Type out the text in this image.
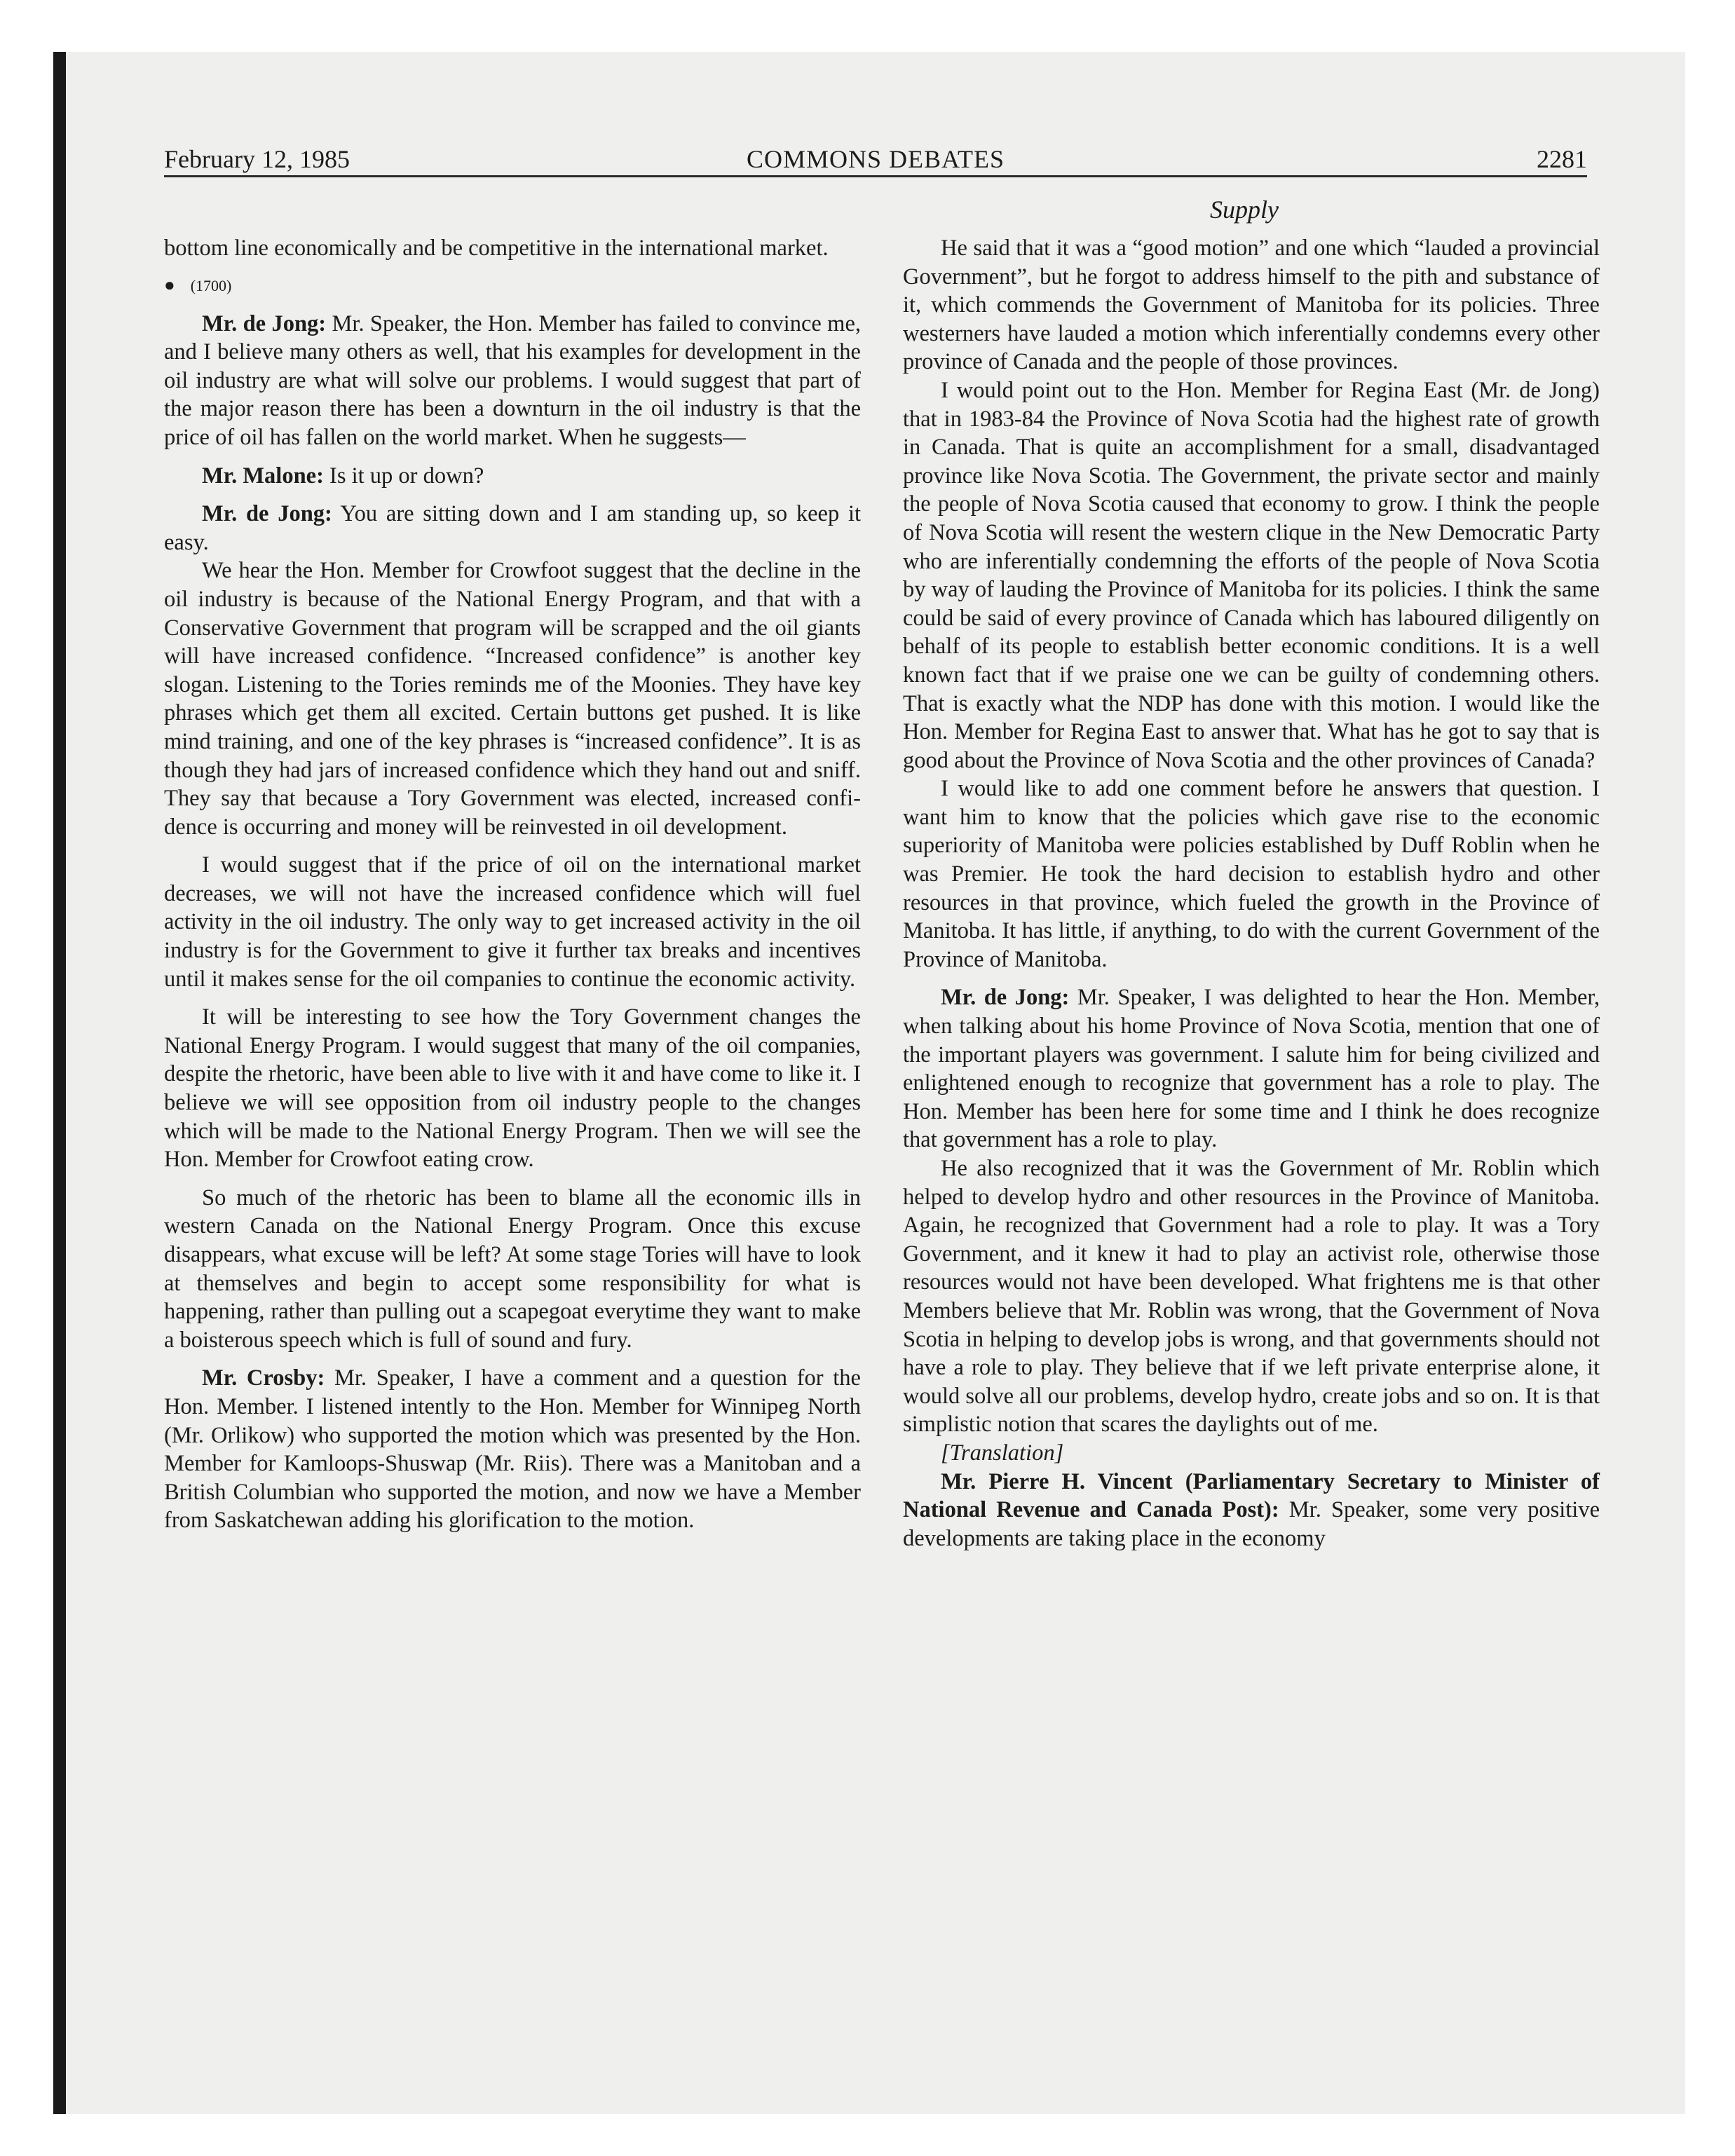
February 12, 1985	COMMONS DEBATES	2281
Supply

bottom line economically and be competitive in the international market.

● (1700)

Mr. de Jong: Mr. Speaker, the Hon. Member has failed to convince me, and I believe many others as well, that his examples for development in the oil industry are what will solve our problems. I would suggest that part of the major reason there has been a downturn in the oil industry is that the price of oil has fallen on the world market. When he suggests—

Mr. Malone: Is it up or down?

Mr. de Jong: You are sitting down and I am standing up, so keep it easy.

We hear the Hon. Member for Crowfoot suggest that the decline in the oil industry is because of the National Energy Program, and that with a Conservative Government that program will be scrapped and the oil giants will have increased confidence. “Increased confidence” is another key slogan. Listening to the Tories reminds me of the Moonies. They have key phrases which get them all excited. Certain buttons get pushed. It is like mind training, and one of the key phrases is “increased confidence”. It is as though they had jars of increased confidence which they hand out and sniff. They say that because a Tory Government was elected, increased confidence is occurring and money will be reinvested in oil development.

I would suggest that if the price of oil on the international market decreases, we will not have the increased confidence which will fuel activity in the oil industry. The only way to get increased activity in the oil industry is for the Government to give it further tax breaks and incentives until it makes sense for the oil companies to continue the economic activity.

It will be interesting to see how the Tory Government changes the National Energy Program. I would suggest that many of the oil companies, despite the rhetoric, have been able to live with it and have come to like it. I believe we will see opposition from oil industry people to the changes which will be made to the National Energy Program. Then we will see the Hon. Member for Crowfoot eating crow.

So much of the rhetoric has been to blame all the economic ills in western Canada on the National Energy Program. Once this excuse disappears, what excuse will be left? At some stage Tories will have to look at themselves and begin to accept some responsibility for what is happening, rather than pulling out a scapegoat everytime they want to make a boisterous speech which is full of sound and fury.

Mr. Crosby: Mr. Speaker, I have a comment and a question for the Hon. Member. I listened intently to the Hon. Member for Winnipeg North (Mr. Orlikow) who supported the motion which was presented by the Hon. Member for Kamloops-Shuswap (Mr. Riis). There was a Manitoban and a British Columbian who supported the motion, and now we have a Member from Saskatchewan adding his glorification to the motion.

He said that it was a “good motion” and one which “lauded a provincial Government”, but he forgot to address himself to the pith and substance of it, which commends the Government of Manitoba for its policies. Three westerners have lauded a motion which inferentially condemns every other province of Canada and the people of those provinces.

I would point out to the Hon. Member for Regina East (Mr. de Jong) that in 1983-84 the Province of Nova Scotia had the highest rate of growth in Canada. That is quite an accomplishment for a small, disadvantaged province like Nova Scotia. The Government, the private sector and mainly the people of Nova Scotia caused that economy to grow. I think the people of Nova Scotia will resent the western clique in the New Democratic Party who are inferentially condemning the efforts of the people of Nova Scotia by way of lauding the Province of Manitoba for its policies. I think the same could be said of every province of Canada which has laboured diligently on behalf of its people to establish better economic conditions. It is a well known fact that if we praise one we can be guilty of condemning others. That is exactly what the NDP has done with this motion. I would like the Hon. Member for Regina East to answer that. What has he got to say that is good about the Province of Nova Scotia and the other provinces of Canada?

I would like to add one comment before he answers that question. I want him to know that the policies which gave rise to the economic superiority of Manitoba were policies established by Duff Roblin when he was Premier. He took the hard decision to establish hydro and other resources in that province, which fueled the growth in the Province of Manitoba. It has little, if anything, to do with the current Government of the Province of Manitoba.

Mr. de Jong: Mr. Speaker, I was delighted to hear the Hon. Member, when talking about his home Province of Nova Scotia, mention that one of the important players was government. I salute him for being civilized and enlightened enough to recognize that government has a role to play. The Hon. Member has been here for some time and I think he does recognize that government has a role to play.

He also recognized that it was the Government of Mr. Roblin which helped to develop hydro and other resources in the Province of Manitoba. Again, he recognized that Government had a role to play. It was a Tory Government, and it knew it had to play an activist role, otherwise those resources would not have been developed. What frightens me is that other Members believe that Mr. Roblin was wrong, that the Government of Nova Scotia in helping to develop jobs is wrong, and that governments should not have a role to play. They believe that if we left private enterprise alone, it would solve all our problems, develop hydro, create jobs and so on. It is that simplistic notion that scares the daylights out of me.

[Translation]

Mr. Pierre H. Vincent (Parliamentary Secretary to Minister of National Revenue and Canada Post): Mr. Speaker, some very positive developments are taking place in the economy
